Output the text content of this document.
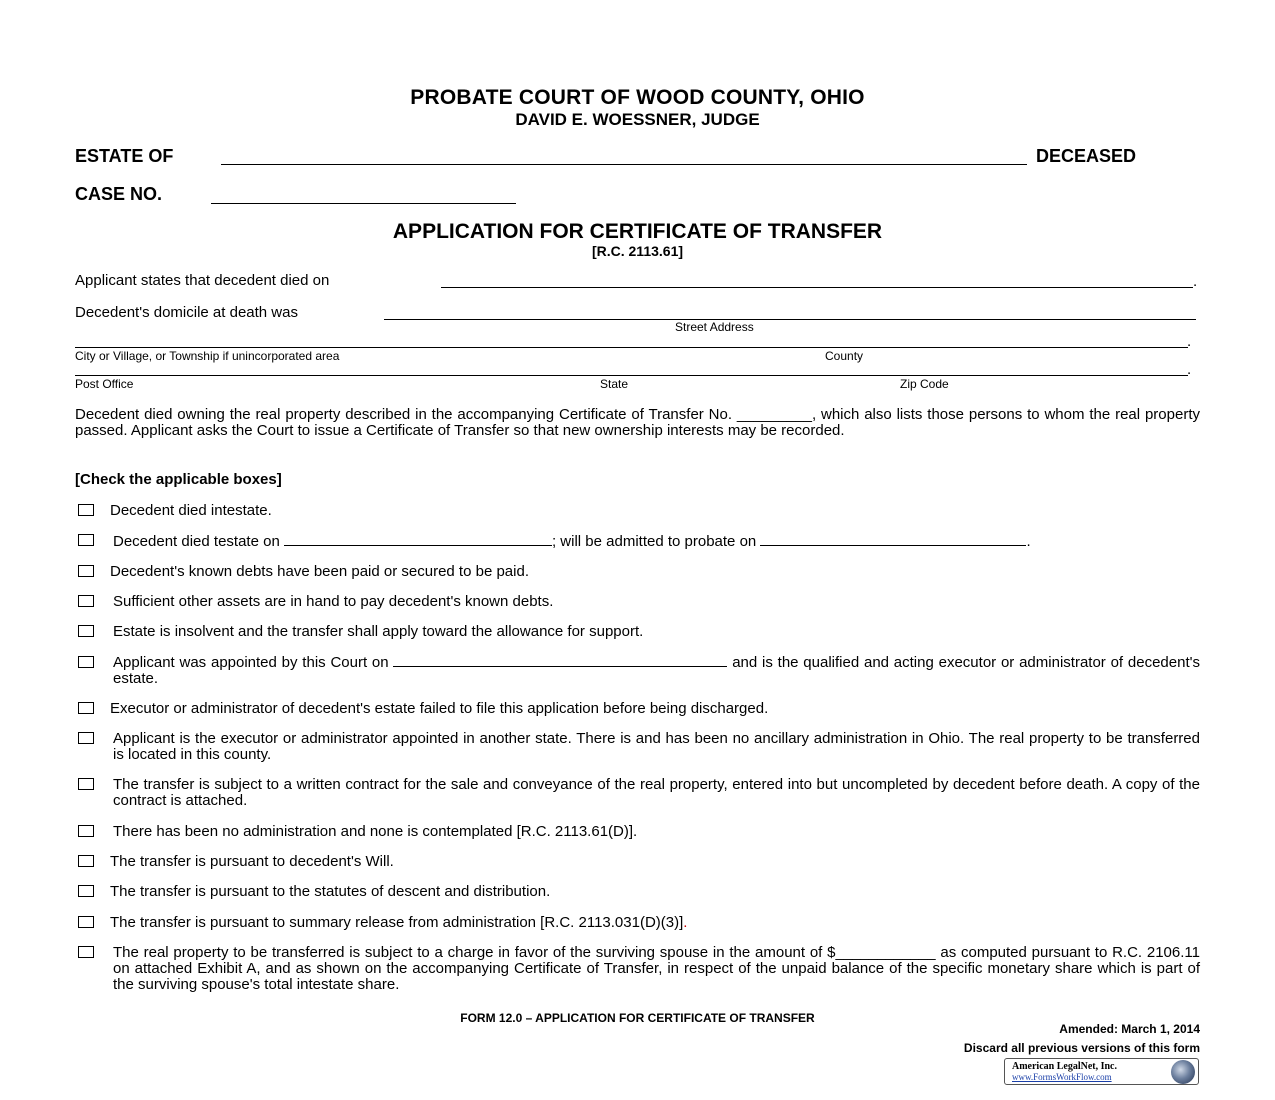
PROBATE COURT OF WOOD COUNTY, OHIO
DAVID E. WOESSNER, JUDGE
ESTATE OF	DECEASED
CASE NO.
APPLICATION FOR CERTIFICATE OF TRANSFER
[R.C. 2113.61]
Applicant states that decedent died on	.
Decedent's domicile at death was
Street Address
.
City or Village, or Township if unincorporated area	County
.
Post Office	State	Zip Code
Decedent died owning the real property described in the accompanying Certificate of Transfer No. _________, which also lists those persons to whom the real property passed. Applicant asks the Court to issue a Certificate of Transfer so that new ownership interests may be recorded.
[Check the applicable boxes]
Decedent died intestate.
Decedent died testate on	; will be admitted to probate on	.
Decedent's known debts have been paid or secured to be paid.
Sufficient other assets are in hand to pay decedent's known debts.
Estate is insolvent and the transfer shall apply toward the allowance for support.
Applicant was appointed by this Court on	and is the qualified and acting executor or administrator of decedent's estate.
Executor or administrator of decedent's estate failed to file this application before being discharged.
Applicant is the executor or administrator appointed in another state. There is and has been no ancillary administration in Ohio. The real property to be transferred is located in this county.
The transfer is subject to a written contract for the sale and conveyance of the real property, entered into but uncompleted by decedent before death. A copy of the contract is attached.
There has been no administration and none is contemplated [R.C. 2113.61(D)].
The transfer is pursuant to decedent's Will.
The transfer is pursuant to the statutes of descent and distribution.
The transfer is pursuant to summary release from administration [R.C. 2113.031(D)(3)].
The real property to be transferred is subject to a charge in favor of the surviving spouse in the amount of $____________ as computed pursuant to R.C. 2106.11 on attached Exhibit A, and as shown on the accompanying Certificate of Transfer, in respect of the unpaid balance of the specific monetary share which is part of the surviving spouse's total intestate share.
FORM 12.0 – APPLICATION FOR CERTIFICATE OF TRANSFER
Amended: March 1, 2014
Discard all previous versions of this form
American LegalNet, Inc.
www.FormsWorkFlow.com
